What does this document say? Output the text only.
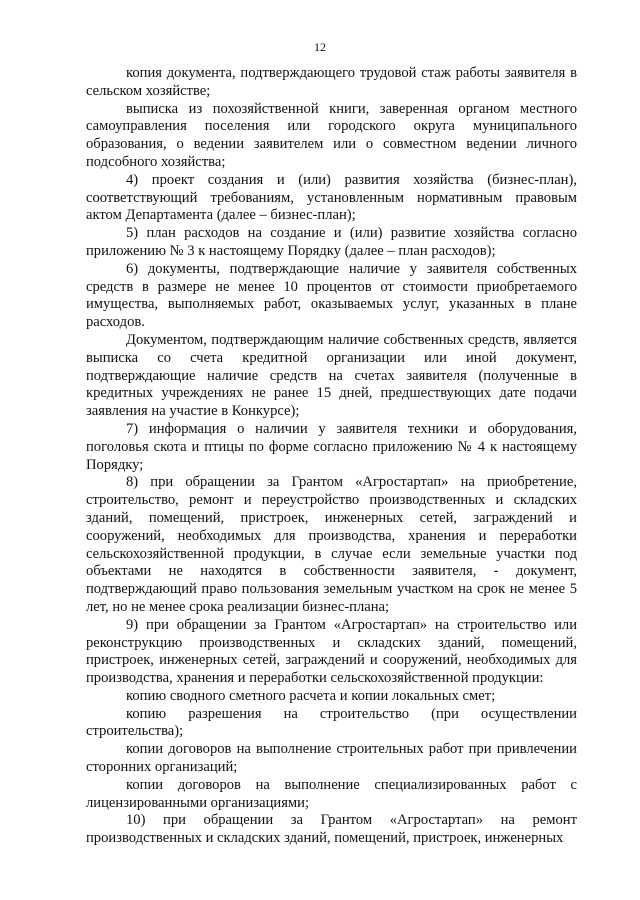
12

копия документа, подтверждающего трудовой стаж работы заявителя в сельском хозяйстве;

выписка из похозяйственной книги, заверенная органом местного самоуправления поселения или городского округа муниципального образования, о ведении заявителем или о совместном ведении личного подсобного хозяйства;

4) проект создания и (или) развития хозяйства (бизнес-план), соответствующий требованиям, установленным нормативным правовым актом Департамента (далее – бизнес-план);

5) план расходов на создание и (или) развитие хозяйства согласно приложению № 3 к настоящему Порядку (далее – план расходов);

6) документы, подтверждающие наличие у заявителя собственных средств в размере не менее 10 процентов от стоимости приобретаемого имущества, выполняемых работ, оказываемых услуг, указанных в плане расходов.

Документом, подтверждающим наличие собственных средств, является выписка со счета кредитной организации или иной документ, подтверждающие наличие средств на счетах заявителя (полученные в кредитных учреждениях не ранее 15 дней, предшествующих дате подачи заявления на участие в Конкурсе);

7) информация о наличии у заявителя техники и оборудования, поголовья скота и птицы по форме согласно приложению № 4 к настоящему Порядку;

8) при обращении за Грантом «Агростартап» на приобретение, строительство, ремонт и переустройство производственных и складских зданий, помещений, пристроек, инженерных сетей, заграждений и сооружений, необходимых для производства, хранения и переработки сельскохозяйственной продукции, в случае если земельные участки под объектами не находятся в собственности заявителя, - документ, подтверждающий право пользования земельным участком на срок не менее 5 лет, но не менее срока реализации бизнес-плана;

9) при обращении за Грантом «Агростартап» на строительство или реконструкцию производственных и складских зданий, помещений, пристроек, инженерных сетей, заграждений и сооружений, необходимых для производства, хранения и переработки сельскохозяйственной продукции:

копию сводного сметного расчета и копии локальных смет;

копию разрешения на строительство (при осуществлении строительства);

копии договоров на выполнение строительных работ при привлечении сторонних организаций;

копии договоров на выполнение специализированных работ с лицензированными организациями;

10) при обращении за Грантом «Агростартап» на ремонт производственных и складских зданий, помещений, пристроек, инженерных
